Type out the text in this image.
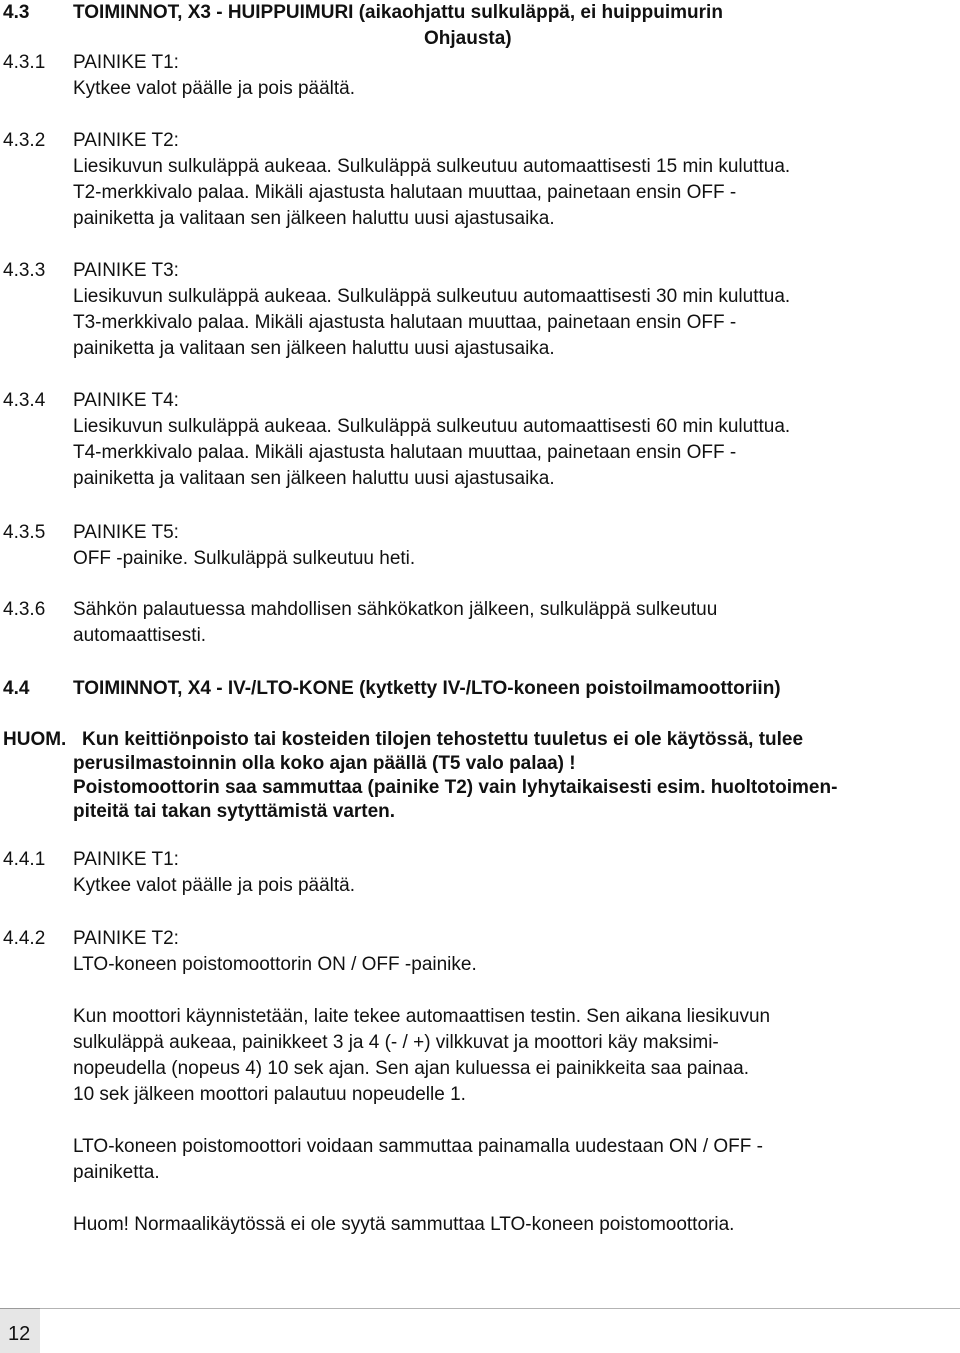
4.3 TOIMINNOT, X3 - HUIPPUIMURI (aikaohjattu sulkuläppä, ei huippuimurin
Ohjausta)
4.3.1 PAINIKE T1:
Kytkee valot päälle ja pois päältä.
4.3.2 PAINIKE T2:
Liesikuvun sulkuläppä aukeaa. Sulkuläppä sulkeutuu automaattisesti 15 min kuluttua.
T2-merkkivalo palaa. Mikäli ajastusta halutaan muuttaa, painetaan ensin OFF -
painiketta ja valitaan sen jälkeen haluttu uusi ajastusaika.
4.3.3 PAINIKE T3:
Liesikuvun sulkuläppä aukeaa. Sulkuläppä sulkeutuu automaattisesti 30 min kuluttua.
T3-merkkivalo palaa. Mikäli ajastusta halutaan muuttaa, painetaan ensin OFF -
painiketta ja valitaan sen jälkeen haluttu uusi ajastusaika.
4.3.4 PAINIKE T4:
Liesikuvun sulkuläppä aukeaa. Sulkuläppä sulkeutuu automaattisesti 60 min kuluttua.
T4-merkkivalo palaa. Mikäli ajastusta halutaan muuttaa, painetaan ensin OFF -
painiketta ja valitaan sen jälkeen haluttu uusi ajastusaika.
4.3.5 PAINIKE T5:
OFF -painike. Sulkuläppä sulkeutuu heti.
4.3.6 Sähkön palautuessa mahdollisen sähkökatkon jälkeen, sulkuläppä sulkeutuu
automaattisesti.
4.4 TOIMINNOT, X4 - IV-/LTO-KONE (kytketty IV-/LTO-koneen poistoilmamoottoriin)
HUOM. Kun keittiönpoisto tai kosteiden tilojen tehostettu tuuletus ei ole käytössä, tulee
perusilmastoinnin olla koko ajan päällä (T5 valo palaa) !
Poistomoottorin saa sammuttaa (painike T2) vain lyhytaikaisesti esim. huoltotoimen-
piteitä tai takan sytyttämistä varten.
4.4.1 PAINIKE T1:
Kytkee valot päälle ja pois päältä.
4.4.2 PAINIKE T2:
LTO-koneen poistomoottorin ON / OFF -painike.
Kun moottori käynnistetään, laite tekee automaattisen testin. Sen aikana liesikuvun
sulkuläppä aukeaa, painikkeet 3 ja 4 (- / +) vilkkuvat ja moottori käy maksimi-
nopeudella (nopeus 4) 10 sek ajan. Sen ajan kuluessa ei painikkeita saa painaa.
10 sek jälkeen moottori palautuu nopeudelle 1.
LTO-koneen poistomoottori voidaan sammuttaa painamalla uudestaan ON / OFF -
painiketta.
Huom! Normaalikäytössä ei ole syytä sammuttaa LTO-koneen poistomoottoria.
12
